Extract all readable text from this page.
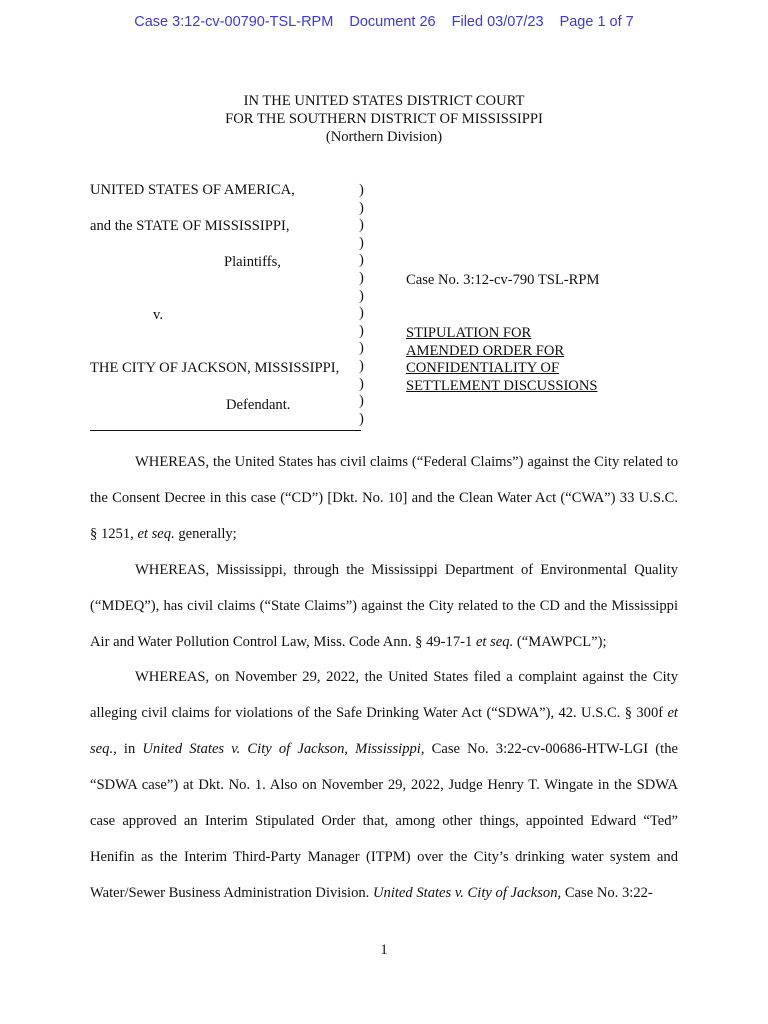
Case 3:12-cv-00790-TSL-RPM Document 26 Filed 03/07/23 Page 1 of 7
IN THE UNITED STATES DISTRICT COURT
FOR THE SOUTHERN DISTRICT OF MISSISSIPPI
(Northern Division)
UNITED STATES OF AMERICA,
and the STATE OF MISSISSIPPI,
Plaintiffs,
v.
THE CITY OF JACKSON, MISSISSIPPI,
Defendant.
)
)
)
)
)
)
)
)
)
)
)
)
)
)
Case No. 3:12-cv-790 TSL-RPM
STIPULATION FOR
AMENDED ORDER FOR
CONFIDENTIALITY OF
SETTLEMENT DISCUSSIONS

WHEREAS, the United States has civil claims (“Federal Claims”) against the City related to the Consent Decree in this case (“CD”) [Dkt. No. 10] and the Clean Water Act (“CWA”) 33 U.S.C. § 1251, et seq. generally;

WHEREAS, Mississippi, through the Mississippi Department of Environmental Quality (“MDEQ”), has civil claims (“State Claims”) against the City related to the CD and the Mississippi Air and Water Pollution Control Law, Miss. Code Ann. § 49-17-1 et seq. (“MAWPCL”);

WHEREAS, on November 29, 2022, the United States filed a complaint against the City alleging civil claims for violations of the Safe Drinking Water Act (“SDWA”), 42. U.S.C. § 300f et seq., in United States v. City of Jackson, Mississippi, Case No. 3:22-cv-00686-HTW-LGI (the “SDWA case”) at Dkt. No. 1. Also on November 29, 2022, Judge Henry T. Wingate in the SDWA case approved an Interim Stipulated Order that, among other things, appointed Edward “Ted” Henifin as the Interim Third-Party Manager (ITPM) over the City’s drinking water system and Water/Sewer Business Administration Division. United States v. City of Jackson, Case No. 3:22-

1
